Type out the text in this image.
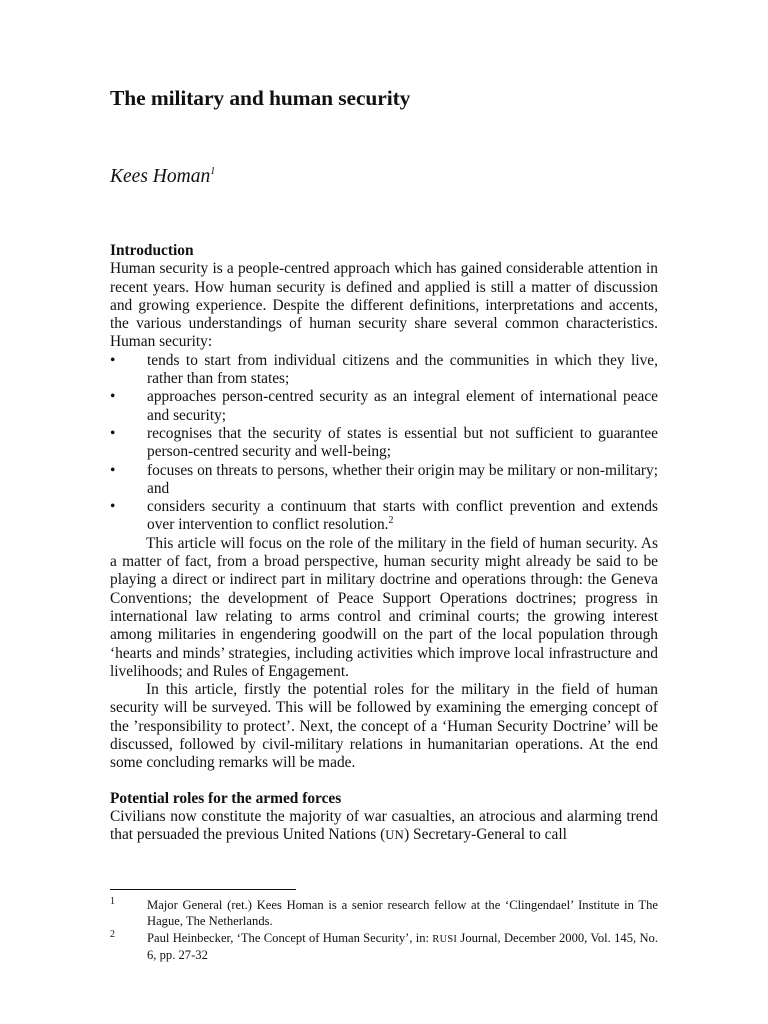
The military and human security

Kees Homan$^1$

Introduction

Human security is a people-centred approach which has gained considerable attention in recent years. How human security is defined and applied is still a matter of discussion and growing experience. Despite the different definitions, interpretations and accents, the various understandings of human security share several common characteristics. Human security:

• tends to start from individual citizens and the communities in which they live, rather than from states;
• approaches person-centred security as an integral element of international peace and security;
• recognises that the security of states is essential but not sufficient to guarantee person-centred security and well-being;
• focuses on threats to persons, whether their origin may be military or non-military; and
• considers security a continuum that starts with conflict prevention and extends over intervention to conflict resolution.$^2$

This article will focus on the role of the military in the field of human security. As a matter of fact, from a broad perspective, human security might already be said to be playing a direct or indirect part in military doctrine and operations through: the Geneva Conventions; the development of Peace Support Operations doctrines; progress in international law relating to arms control and criminal courts; the growing interest among militaries in engendering goodwill on the part of the local population through ‘hearts and minds’ strategies, including activities which improve local infrastructure and livelihoods; and Rules of Engagement.

In this article, firstly the potential roles for the military in the field of human security will be surveyed. This will be followed by examining the emerging concept of the ’responsibility to protect’. Next, the concept of a ‘Human Security Doctrine’ will be discussed, followed by civil-military relations in humanitarian operations. At the end some concluding remarks will be made.

Potential roles for the armed forces

Civilians now constitute the majority of war casualties, an atrocious and alarming trend that persuaded the previous United Nations (UN) Secretary-General to call

1	Major General (ret.) Kees Homan is a senior research fellow at the ‘Clingendael’ Institute in The Hague, The Netherlands.
2	Paul Heinbecker, ‘The Concept of Human Security’, in: RUSI Journal, December 2000, Vol. 145, No. 6, pp. 27-32
